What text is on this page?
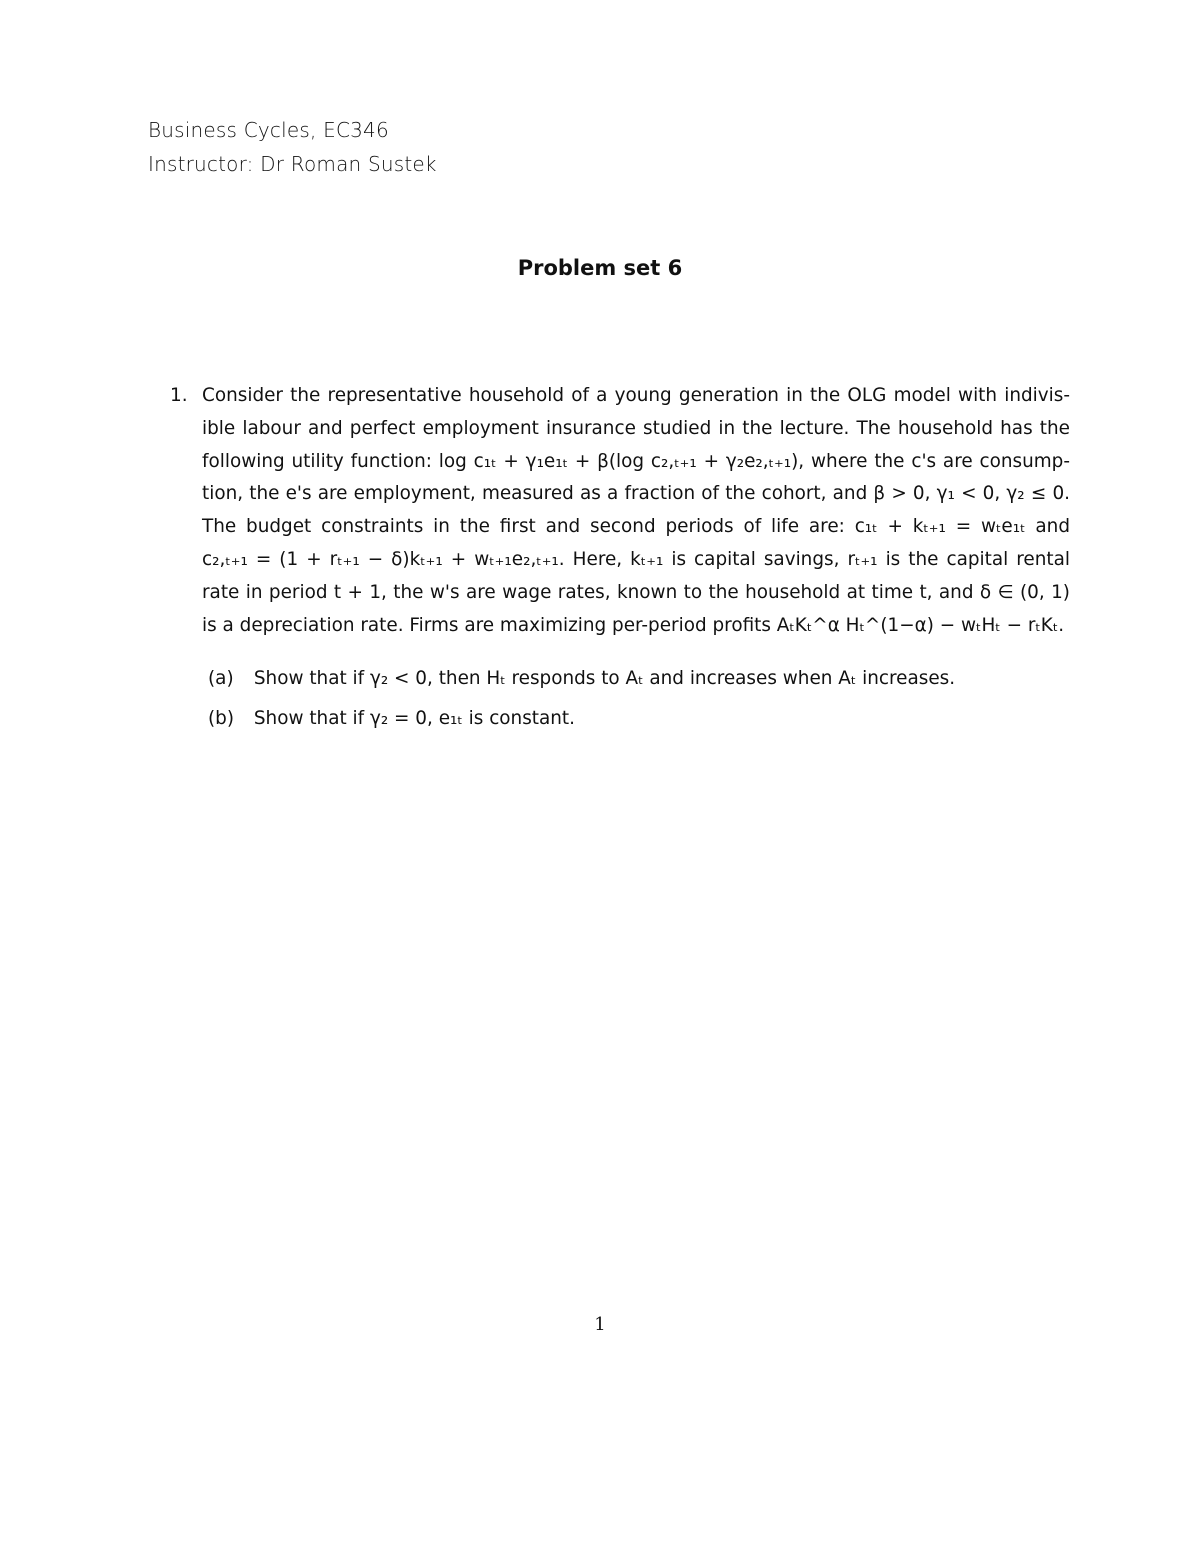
Business Cycles, EC346
Instructor: Dr Roman Sustek
Problem set 6
1. Consider the representative household of a young generation in the OLG model with indivis-
ible labour and perfect employment insurance studied in the lecture. The household has the
following utility function: log c₁ₜ + γ₁e₁ₜ + β(log c₂,ₜ₊₁ + γ₂e₂,ₜ₊₁), where the c's are consump-
tion, the e's are employment, measured as a fraction of the cohort, and β > 0, γ₁ < 0, γ₂ ≤ 0.
The budget constraints in the first and second periods of life are: c₁ₜ + kₜ₊₁ = wₜe₁ₜ and
c₂,ₜ₊₁ = (1 + rₜ₊₁ − δ)kₜ₊₁ + wₜ₊₁e₂,ₜ₊₁. Here, kₜ₊₁ is capital savings, rₜ₊₁ is the capital rental
rate in period t + 1, the w's are wage rates, known to the household at time t, and δ ∈ (0, 1)
is a depreciation rate. Firms are maximizing per-period profits AₜKₜ^α Hₜ^(1−α) − wₜHₜ − rₜKₜ.
(a) Show that if γ₂ < 0, then Hₜ responds to Aₜ and increases when Aₜ increases.
(b) Show that if γ₂ = 0, e₁ₜ is constant.
1
